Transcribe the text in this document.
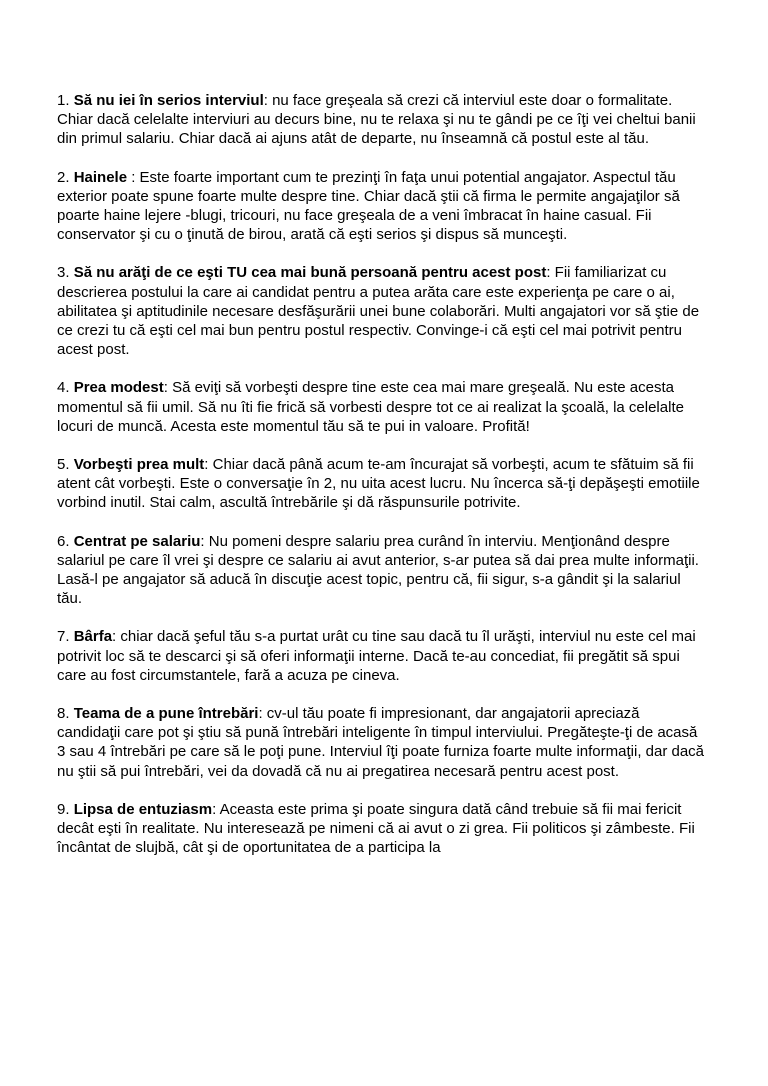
1. Să nu iei în serios interviul: nu face greşeala să crezi că interviul este doar o formalitate. Chiar dacă celelalte interviuri au decurs bine, nu te relaxa şi nu te gândi pe ce îţi vei cheltui banii din primul salariu. Chiar dacă ai ajuns atât de departe, nu înseamnă că postul este al tău.

2. Hainele : Este foarte important cum te prezinţi în faţa unui potential angajator. Aspectul tău exterior poate spune foarte multe despre tine. Chiar dacă ştii că firma le permite angajaţilor să poarte haine lejere -blugi, tricouri, nu face greşeala de a veni îmbracat în haine casual. Fii conservator şi cu o ţinută de birou, arată că eşti serios şi dispus să munceşti.

3. Să nu arăţi de ce eşti TU cea mai bună persoană pentru acest post: Fii familiarizat cu descrierea postului la care ai candidat pentru a putea arăta care este experienţa pe care o ai, abilitatea şi aptitudinile necesare desfăşurării unei bune colaborări. Multi angajatori vor să ştie de ce crezi tu că eşti cel mai bun pentru postul respectiv. Convinge-i că eşti cel mai potrivit pentru acest post.

4. Prea modest: Să eviţi să vorbeşti despre tine este cea mai mare greşeală. Nu este acesta momentul să fii umil. Să nu îti fie frică să vorbesti despre tot ce ai realizat la şcoală, la celelalte locuri de muncă. Acesta este momentul tău să te pui in valoare. Profită!

5. Vorbeşti prea mult: Chiar dacă până acum te-am încurajat să vorbeşti, acum te sfătuim să fii atent cât vorbeşti. Este o conversaţie în 2, nu uita acest lucru. Nu încerca să-ţi depăşeşti emotiile vorbind inutil. Stai calm, ascultă întrebările şi dă răspunsurile potrivite.

6. Centrat pe salariu: Nu pomeni despre salariu prea curând în interviu. Menţionând despre salariul pe care îl vrei şi despre ce salariu ai avut anterior, s-ar putea să dai prea multe informaţii. Lasă-l pe angajator să aducă în discuţie acest topic, pentru că, fii sigur, s-a gândit şi la salariul tău.

7. Bârfa: chiar dacă şeful tău s-a purtat urât cu tine sau dacă tu îl urăşti, interviul nu este cel mai potrivit loc să te descarci şi să oferi informaţii interne. Dacă te-au concediat, fii pregătit să spui care au fost circumstantele, fară a acuza pe cineva.

8. Teama de a pune întrebări: cv-ul tău poate fi impresionant, dar angajatorii apreciază candidaţii care pot şi ştiu să pună întrebări inteligente în timpul interviului. Pregăteşte-ţi de acasă 3 sau 4 întrebări pe care să le poţi pune. Interviul îţi poate furniza foarte multe informaţii, dar dacă nu ştii să pui întrebări, vei da dovadă că nu ai pregatirea necesară pentru acest post.

9. Lipsa de entuziasm: Aceasta este prima şi poate singura dată când trebuie să fii mai fericit decât eşti în realitate. Nu interesează pe nimeni că ai avut o zi grea. Fii politicos şi zâmbeste. Fii încântat de slujbă, cât şi de oportunitatea de a participa la
